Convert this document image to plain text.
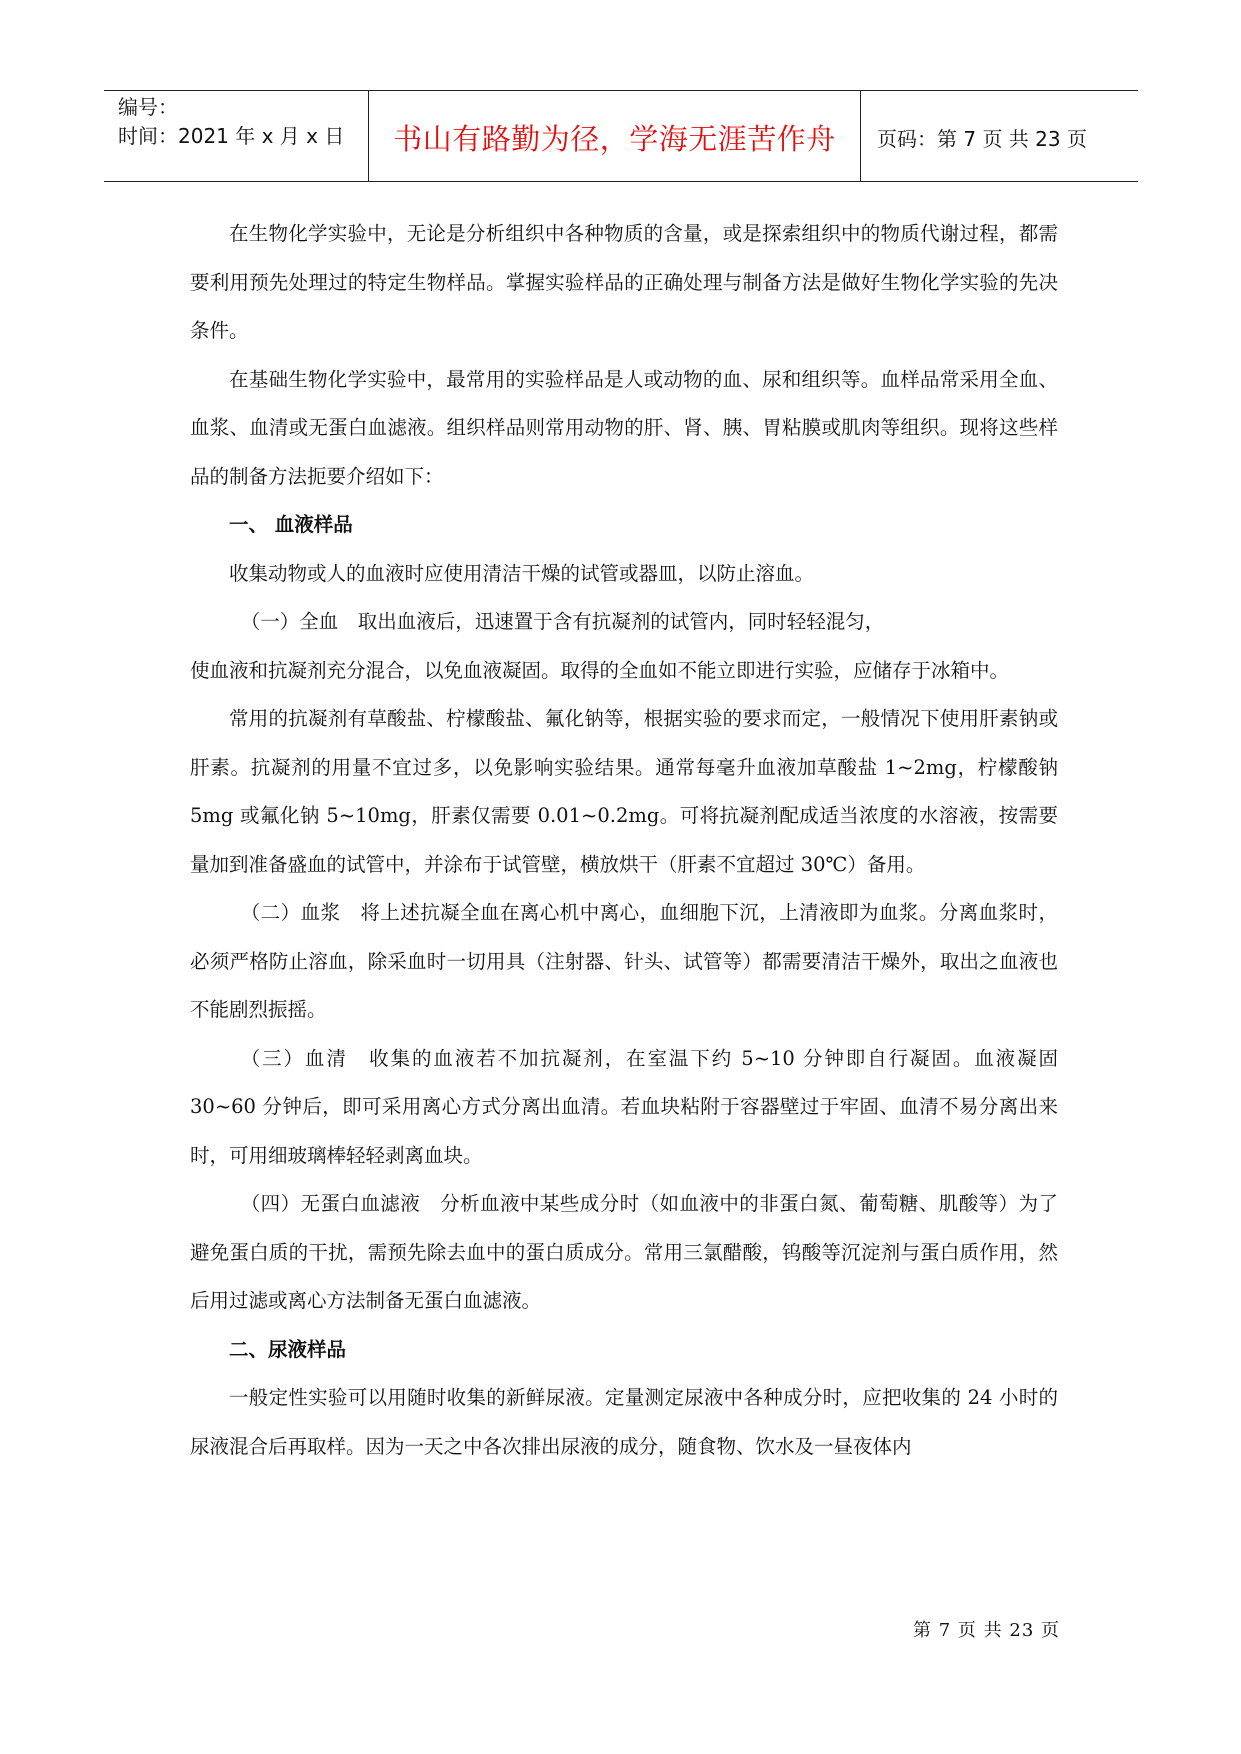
编号：
时间：2021 年 x 月 x 日	书山有路勤为径，学海无涯苦作舟	页码：第 7 页 共 23 页

在生物化学实验中，无论是分析组织中各种物质的含量，或是探索组织中的物质代谢过程，都需要利用预先处理过的特定生物样品。掌握实验样品的正确处理与制备方法是做好生物化学实验的先决条件。

在基础生物化学实验中，最常用的实验样品是人或动物的血、尿和组织等。血样品常采用全血、血浆、血清或无蛋白血滤液。组织样品则常用动物的肝、肾、胰、胃粘膜或肌肉等组织。现将这些样品的制备方法扼要介绍如下：

一、 血液样品

收集动物或人的血液时应使用清洁干燥的试管或器皿，以防止溶血。

（一）全血　取出血液后，迅速置于含有抗凝剂的试管内，同时轻轻混匀，

使血液和抗凝剂充分混合，以免血液凝固。取得的全血如不能立即进行实验，应储存于冰箱中。

常用的抗凝剂有草酸盐、柠檬酸盐、氟化钠等，根据实验的要求而定，一般情况下使用肝素钠或肝素。抗凝剂的用量不宜过多，以免影响实验结果。通常每毫升血液加草酸盐 1~2mg，柠檬酸钠 5mg 或氟化钠 5~10mg，肝素仅需要 0.01~0.2mg。可将抗凝剂配成适当浓度的水溶液，按需要量加到准备盛血的试管中，并涂布于试管壁，横放烘干（肝素不宜超过 30℃）备用。

（二）血浆　将上述抗凝全血在离心机中离心，血细胞下沉，上清液即为血浆。分离血浆时，必须严格防止溶血，除采血时一切用具（注射器、针头、试管等）都需要清洁干燥外，取出之血液也不能剧烈振摇。

（三）血清　收集的血液若不加抗凝剂，在室温下约 5~10 分钟即自行凝固。血液凝固 30~60 分钟后，即可采用离心方式分离出血清。若血块粘附于容器壁过于牢固、血清不易分离出来时，可用细玻璃棒轻轻剥离血块。

（四）无蛋白血滤液　分析血液中某些成分时（如血液中的非蛋白氮、葡萄糖、肌酸等）为了避免蛋白质的干扰，需预先除去血中的蛋白质成分。常用三氯醋酸，钨酸等沉淀剂与蛋白质作用，然后用过滤或离心方法制备无蛋白血滤液。

二、尿液样品

一般定性实验可以用随时收集的新鲜尿液。定量测定尿液中各种成分时，应把收集的 24 小时的尿液混合后再取样。因为一天之中各次排出尿液的成分，随食物、饮水及一昼夜体内

第 7 页 共 23 页
